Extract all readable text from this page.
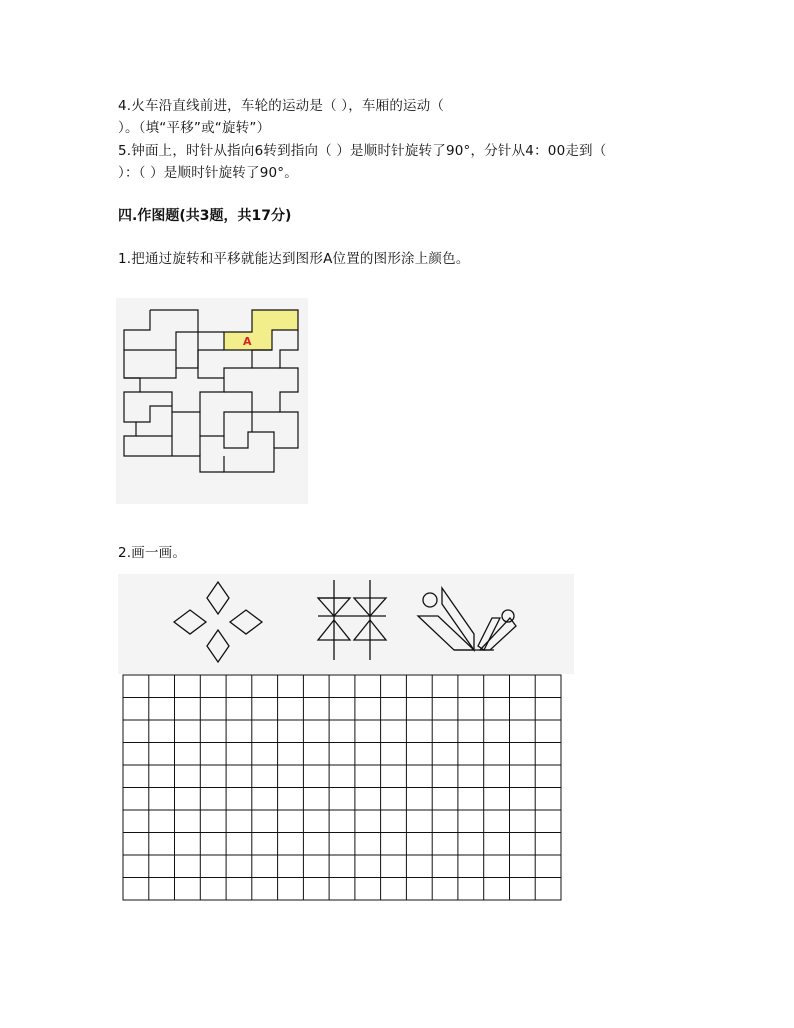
4.火车沿直线前进，车轮的运动是（ ），车厢的运动（
）。（填“平移”或“旋转”）
5.钟面上，时针从指向6转到指向（ ）是顺时针旋转了90°，分针从4：00走到（
）：（ ）是顺时针旋转了90°。
四.作图题(共3题，共17分)
1.把通过旋转和平移就能达到图形A位置的图形涂上颜色。
A
2.画一画。
